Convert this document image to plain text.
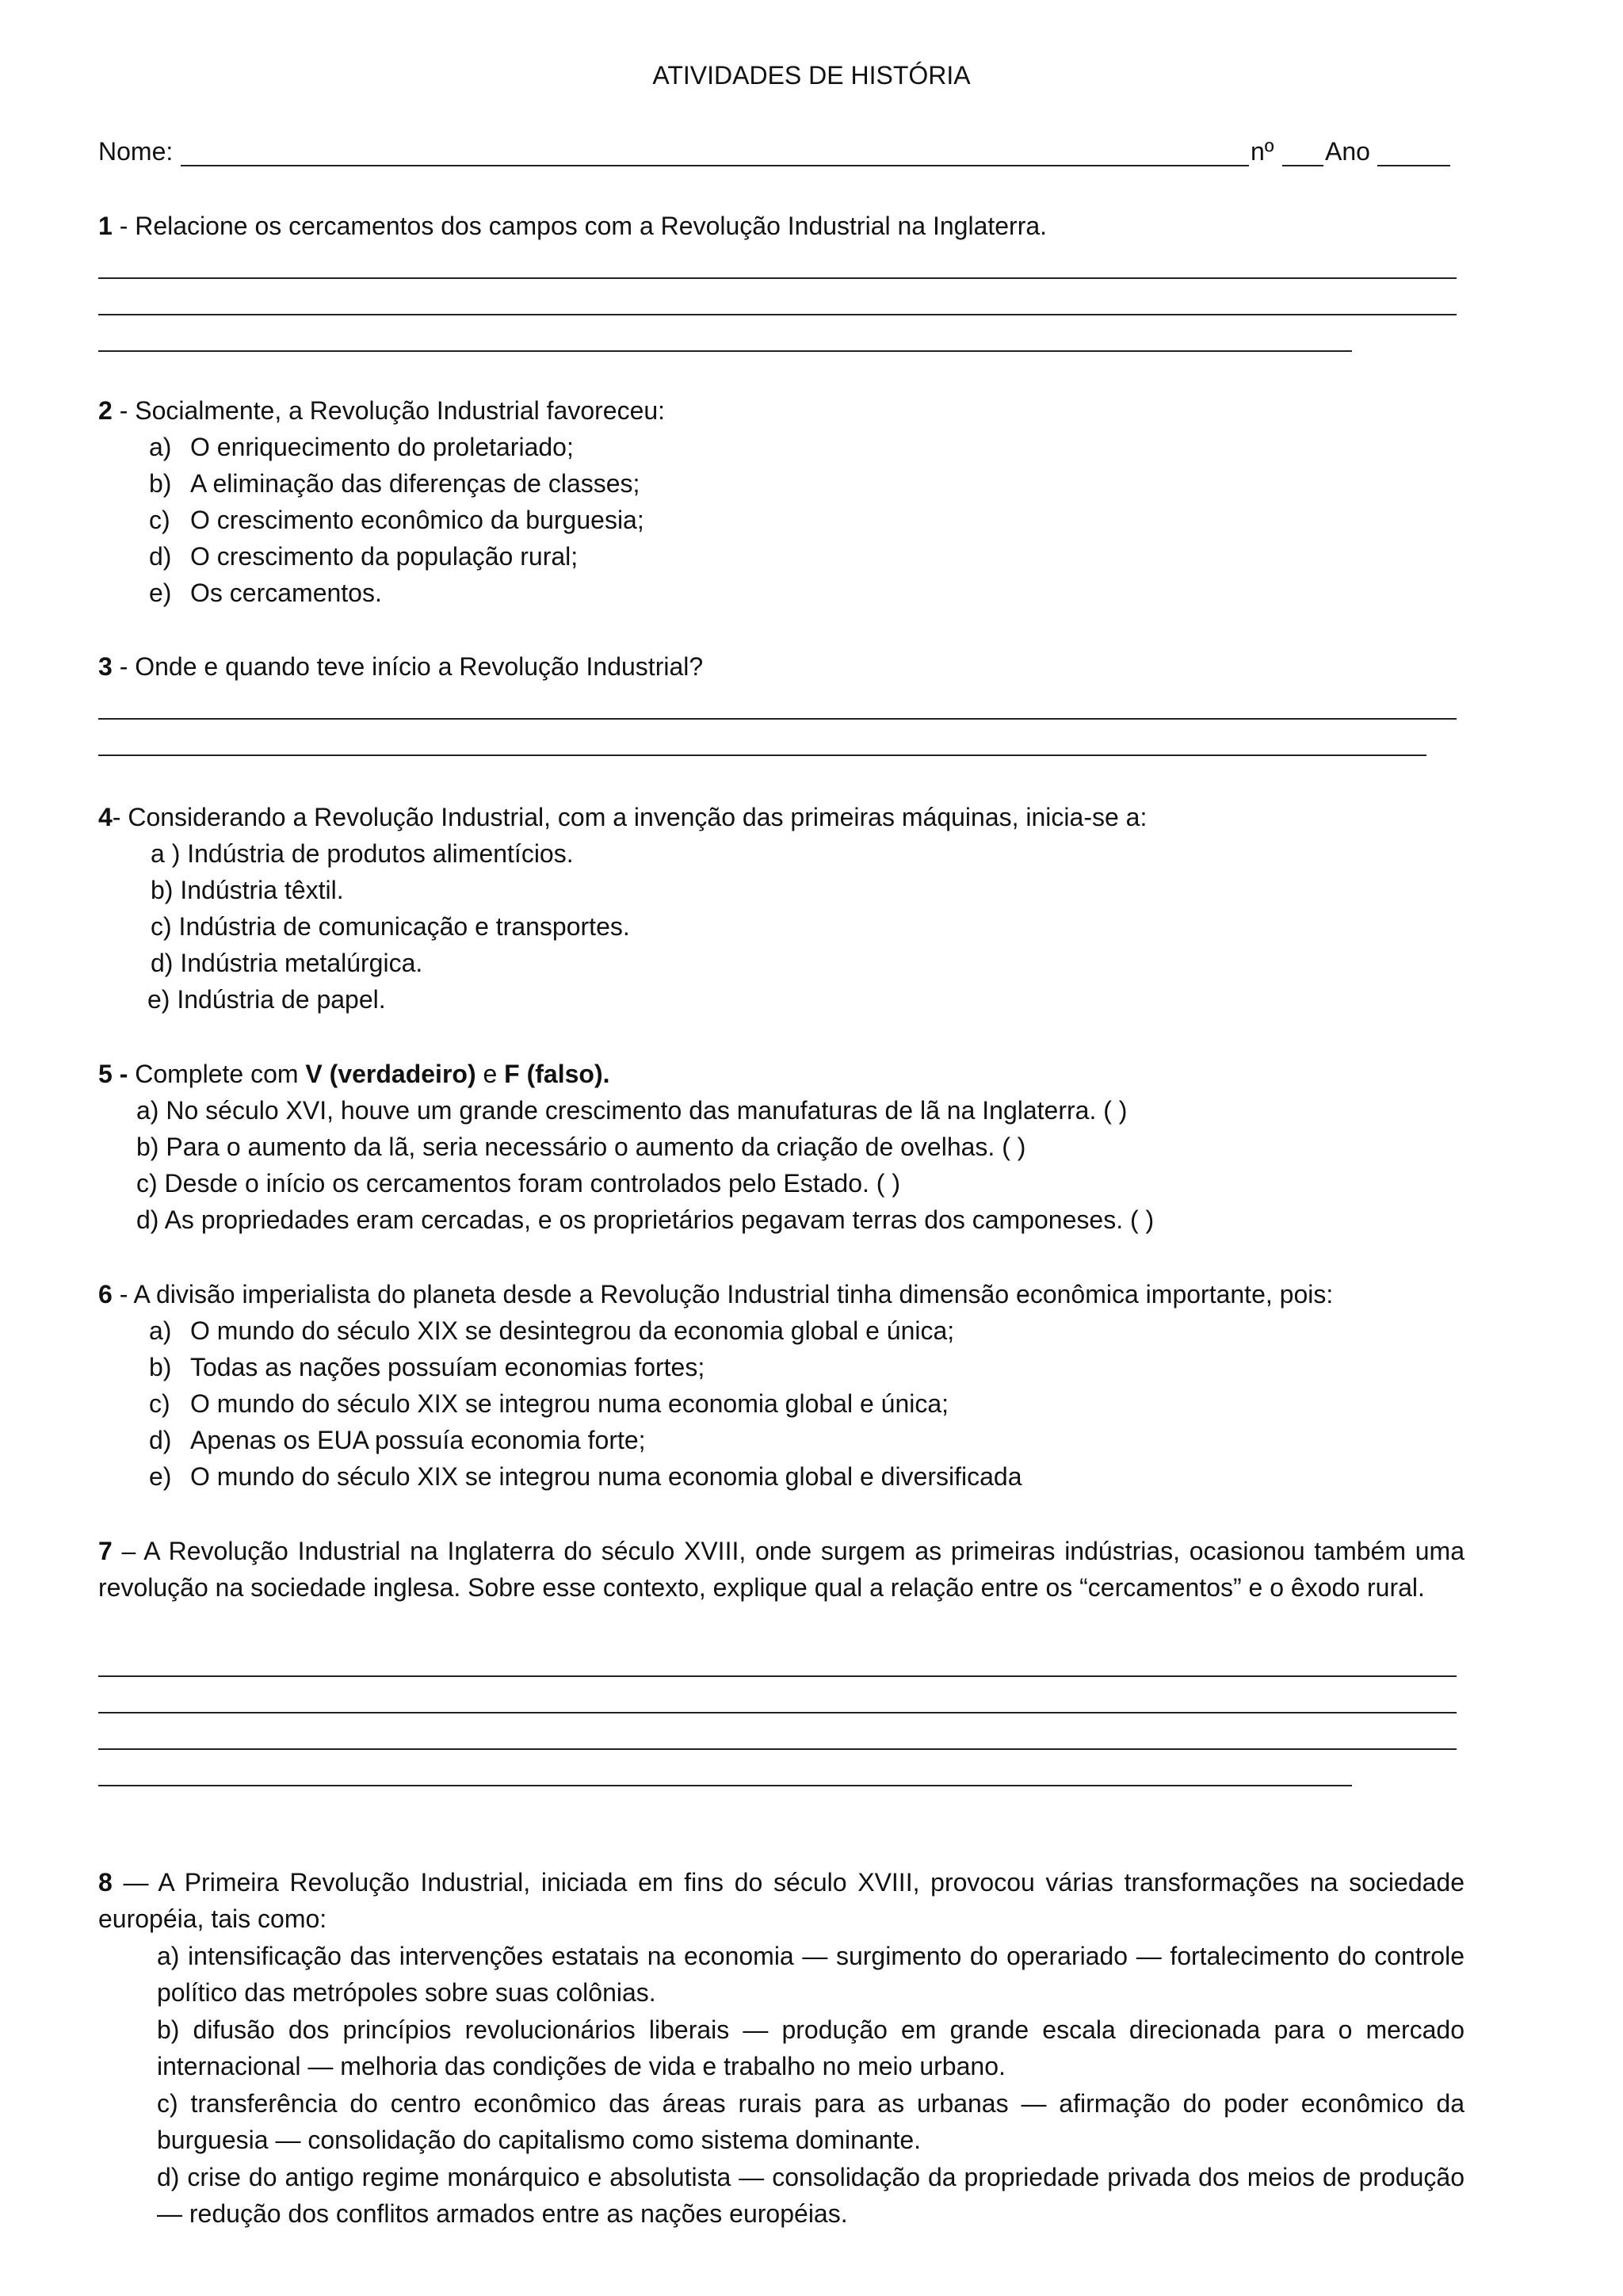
ATIVIDADES DE HISTÓRIA
Nome:	nº Ano
1 - Relacione os cercamentos dos campos com a Revolução Industrial na Inglaterra.
2 - Socialmente, a Revolução Industrial favoreceu:
a) O enriquecimento do proletariado;
b) A eliminação das diferenças de classes;
c) O crescimento econômico da burguesia;
d) O crescimento da população rural;
e) Os cercamentos.
3 - Onde e quando teve início a Revolução Industrial?
4- Considerando a Revolução Industrial, com a invenção das primeiras máquinas, inicia-se a:
a ) Indústria de produtos alimentícios.
b) Indústria têxtil.
c) Indústria de comunicação e transportes.
d) Indústria metalúrgica.
e) Indústria de papel.
5 - Complete com V (verdadeiro) e F (falso).
a) No século XVI, houve um grande crescimento das manufaturas de lã na Inglaterra. ( )
b) Para o aumento da lã, seria necessário o aumento da criação de ovelhas. ( )
c) Desde o início os cercamentos foram controlados pelo Estado. ( )
d) As propriedades eram cercadas, e os proprietários pegavam terras dos camponeses. ( )
6 - A divisão imperialista do planeta desde a Revolução Industrial tinha dimensão econômica importante, pois:
a) O mundo do século XIX se desintegrou da economia global e única;
b) Todas as nações possuíam economias fortes;
c) O mundo do século XIX se integrou numa economia global e única;
d) Apenas os EUA possuía economia forte;
e) O mundo do século XIX se integrou numa economia global e diversificada
7 – A Revolução Industrial na Inglaterra do século XVIII, onde surgem as primeiras indústrias, ocasionou também uma revolução na sociedade inglesa. Sobre esse contexto, explique qual a relação entre os “cercamentos” e o êxodo rural.
8 — A Primeira Revolução Industrial, iniciada em fins do século XVIII, provocou várias transformações na sociedade européia, tais como:
a) intensificação das intervenções estatais na economia — surgimento do operariado — fortalecimento do controle político das metrópoles sobre suas colônias.
b) difusão dos princípios revolucionários liberais — produção em grande escala direcionada para o mercado internacional — melhoria das condições de vida e trabalho no meio urbano.
c) transferência do centro econômico das áreas rurais para as urbanas — afirmação do poder econômico da burguesia — consolidação do capitalismo como sistema dominante.
d) crise do antigo regime monárquico e absolutista — consolidação da propriedade privada dos meios de produção — redução dos conflitos armados entre as nações européias.
